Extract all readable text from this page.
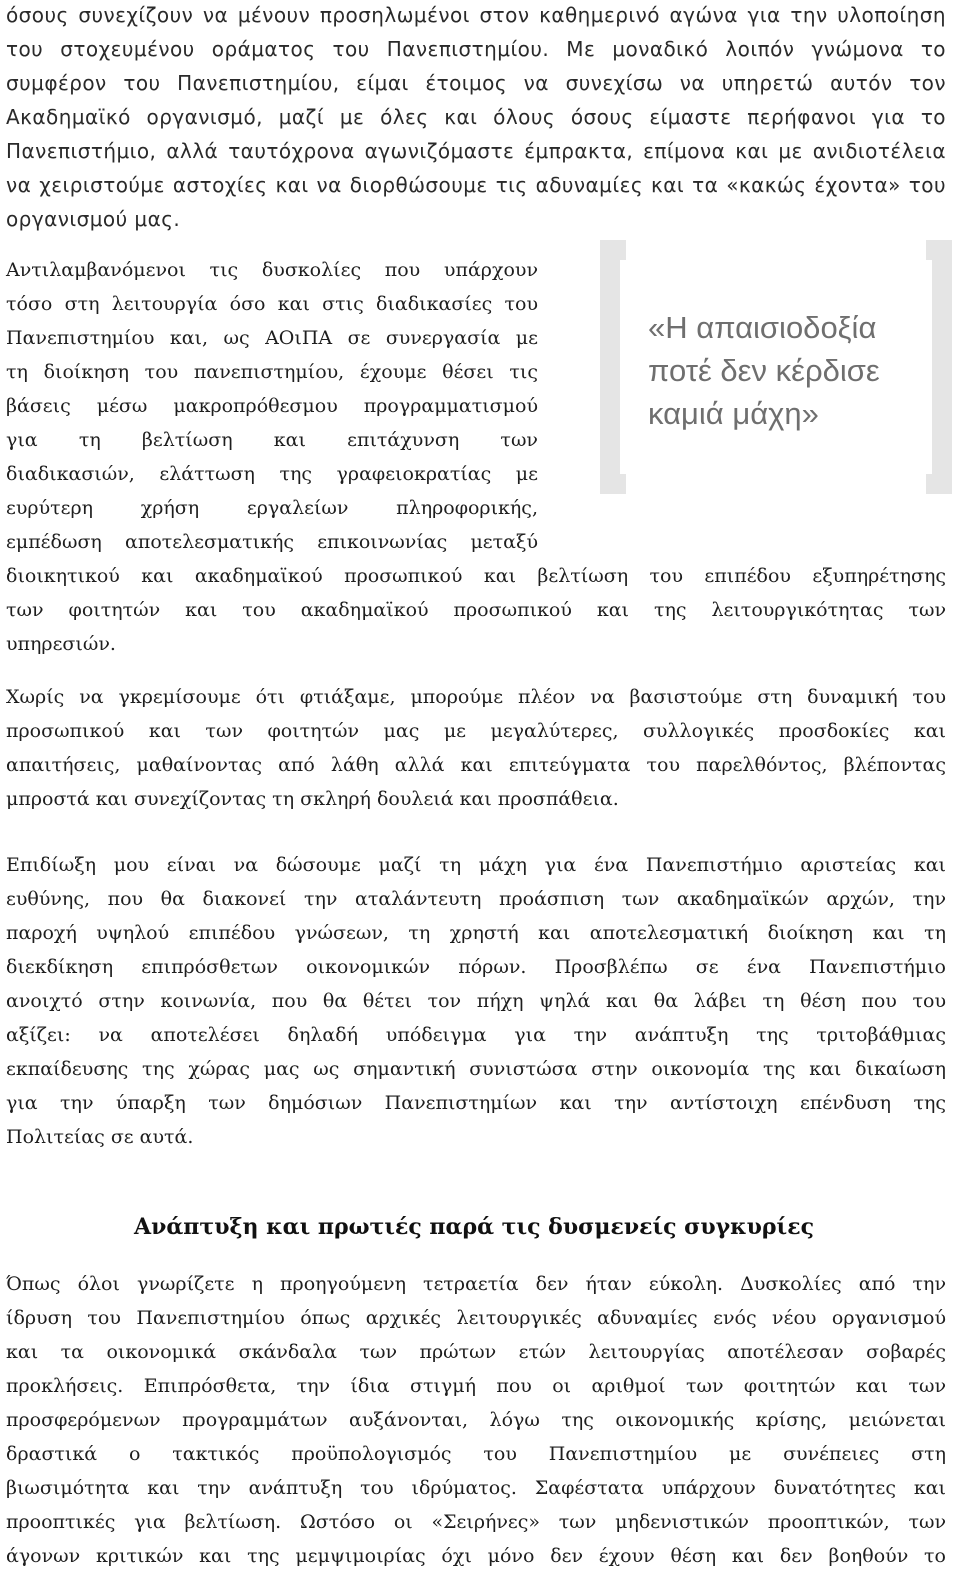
όσους συνεχίζουν να μένουν προσηλωμένοι στον καθημερινό αγώνα για την υλοποίηση
του στοχευμένου οράματος του Πανεπιστημίου. Με μοναδικό λοιπόν γνώμονα το
συμφέρον του Πανεπιστημίου, είμαι έτοιμος να συνεχίσω να υπηρετώ αυτόν τον
Ακαδημαϊκό οργανισμό, μαζί με όλες και όλους όσους είμαστε περήφανοι για το
Πανεπιστήμιο, αλλά ταυτόχρονα αγωνιζόμαστε έμπρακτα, επίμονα και με ανιδιοτέλεια
να χειριστούμε αστοχίες και να διορθώσουμε τις αδυναμίες και τα «κακώς έχοντα» του
οργανισμού μας.
Αντιλαμβανόμενοι τις δυσκολίες που υπάρχουν
τόσο στη λειτουργία όσο και στις διαδικασίες του
Πανεπιστημίου και, ως ΑΟιΠΑ σε συνεργασία με
τη διοίκηση του πανεπιστημίου, έχουμε θέσει τις
βάσεις μέσω μακροπρόθεσμου προγραμματισμού
για τη βελτίωση και επιτάχυνση των
διαδικασιών, ελάττωση της γραφειοκρατίας με
ευρύτερη χρήση εργαλείων πληροφορικής,
εμπέδωση αποτελεσματικής επικοινωνίας μεταξύ
«Η απαισιοδοξία
ποτέ δεν κέρδισε
καμιά μάχη»
διοικητικού και ακαδημαϊκού προσωπικού και βελτίωση του επιπέδου εξυπηρέτησης
των φοιτητών και του ακαδημαϊκού προσωπικού και της λειτουργικότητας των
υπηρεσιών.
Χωρίς να γκρεμίσουμε ότι φτιάξαμε, μπορούμε πλέον να βασιστούμε στη δυναμική του
προσωπικού και των φοιτητών μας με μεγαλύτερες, συλλογικές προσδοκίες και
απαιτήσεις, μαθαίνοντας από λάθη αλλά και επιτεύγματα του παρελθόντος, βλέποντας
μπροστά και συνεχίζοντας τη σκληρή δουλειά και προσπάθεια.
Επιδίωξη μου είναι να δώσουμε μαζί τη μάχη για ένα Πανεπιστήμιο αριστείας και
ευθύνης, που θα διακονεί την αταλάντευτη προάσπιση των ακαδημαϊκών αρχών, την
παροχή υψηλού επιπέδου γνώσεων, τη χρηστή και αποτελεσματική διοίκηση και τη
διεκδίκηση επιπρόσθετων οικονομικών πόρων. Προσβλέπω σε ένα Πανεπιστήμιο
ανοιχτό στην κοινωνία, που θα θέτει τον πήχη ψηλά και θα λάβει τη θέση που του
αξίζει: να αποτελέσει δηλαδή υπόδειγμα για την ανάπτυξη της τριτοβάθμιας
εκπαίδευσης της χώρας μας ως σημαντική συνιστώσα στην οικονομία της και δικαίωση
για την ύπαρξη των δημόσιων Πανεπιστημίων και την αντίστοιχη επένδυση της
Πολιτείας σε αυτά.
Ανάπτυξη και πρωτιές παρά τις δυσμενείς συγκυρίες
Όπως όλοι γνωρίζετε η προηγούμενη τετραετία δεν ήταν εύκολη. Δυσκολίες από την
ίδρυση του Πανεπιστημίου όπως αρχικές λειτουργικές αδυναμίες ενός νέου οργανισμού
και τα οικονομικά σκάνδαλα των πρώτων ετών λειτουργίας αποτέλεσαν σοβαρές
προκλήσεις. Επιπρόσθετα, την ίδια στιγμή που οι αριθμοί των φοιτητών και των
προσφερόμενων προγραμμάτων αυξάνονται, λόγω της οικονομικής κρίσης, μειώνεται
δραστικά ο τακτικός προϋπολογισμός του Πανεπιστημίου με συνέπειες στη
βιωσιμότητα και την ανάπτυξη του ιδρύματος. Σαφέστατα υπάρχουν δυνατότητες και
προοπτικές για βελτίωση. Ωστόσο οι «Σειρήνες» των μηδενιστικών προοπτικών, των
άγονων κριτικών και της μεμψιμοιρίας όχι μόνο δεν έχουν θέση και δεν βοηθούν το
